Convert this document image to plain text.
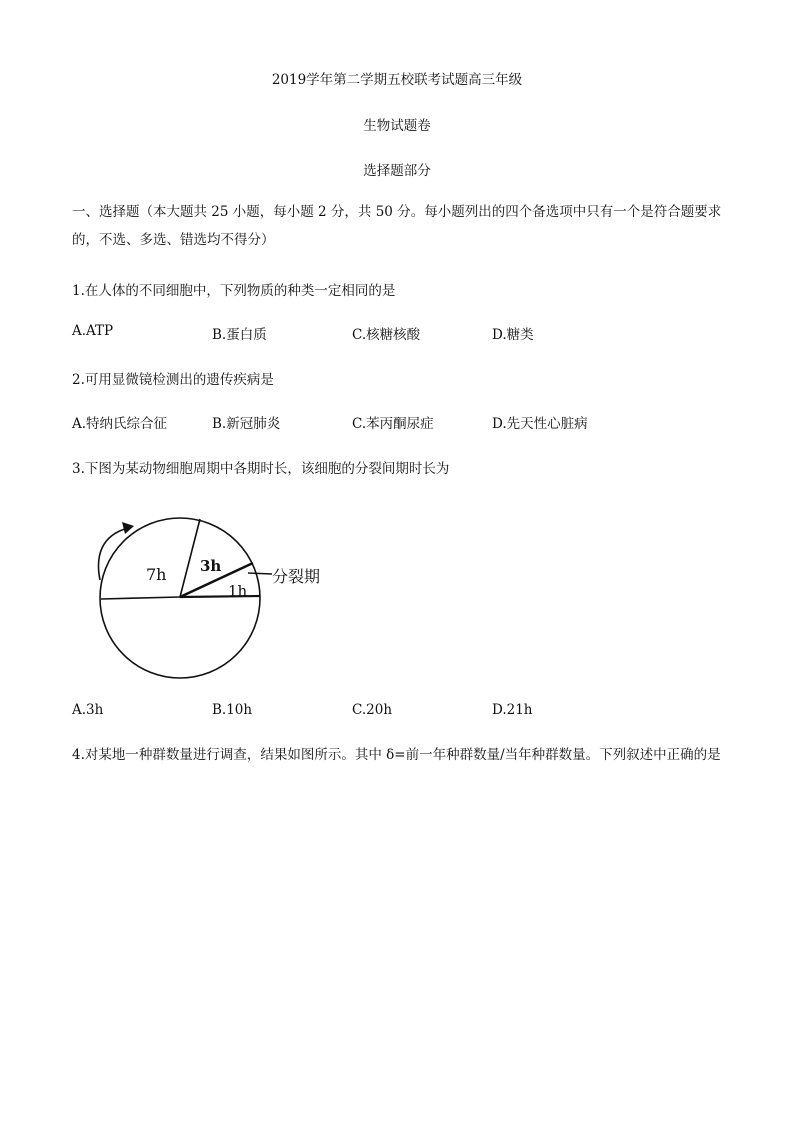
2019学年第二学期五校联考试题高三年级
生物试题卷
选择题部分
一、选择题（本大题共 25 小题，每小题 2 分，共 50 分。每小题列出的四个备选项中只有一个是符合题要求的，不选、多选、错选均不得分）
1.在人体的不同细胞中，下列物质的种类一定相同的是
A.ATP	B.蛋白质	C.核糖核酸	D.糖类
2.可用显微镜检测出的遗传疾病是
A.特纳氏综合征	B.新冠肺炎	C.苯丙酮尿症	D.先天性心脏病
3.下图为某动物细胞周期中各期时长，该细胞的分裂间期时长为
7h 3h
1h
分裂期
A.3h	B.10h	C.20h	D.21h
4.对某地一种群数量进行调查，结果如图所示。其中 δ=前一年种群数量/当年种群数量。下列叙述中正确的是
